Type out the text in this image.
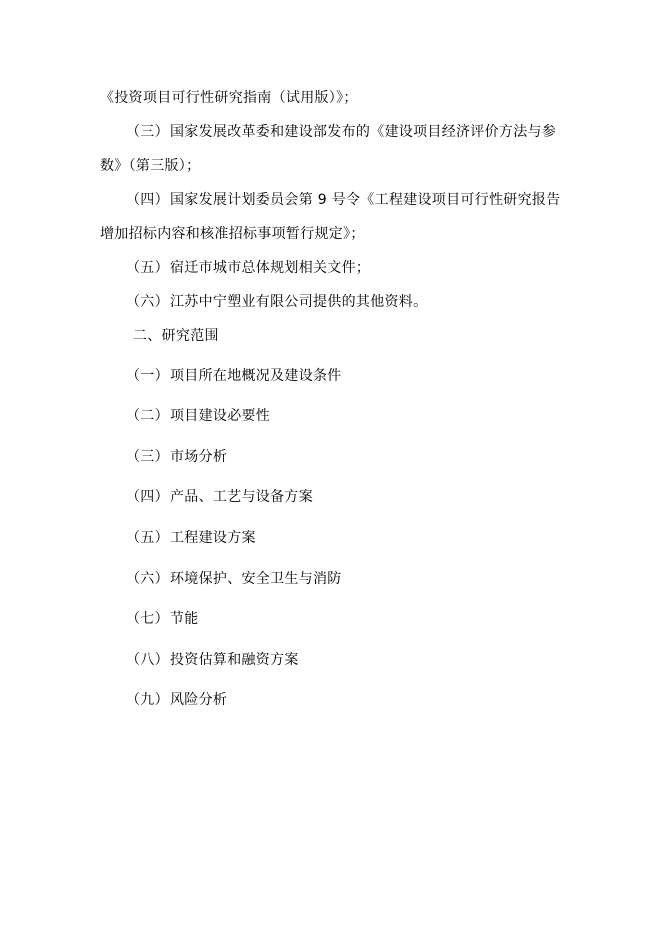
《投资项目可行性研究指南（试用版）》；
（三）国家发展改革委和建设部发布的《建设项目经济评价方法与参
数》（第三版）；
（四）国家发展计划委员会第 9 号令《工程建设项目可行性研究报告
增加招标内容和核准招标事项暂行规定》；
（五）宿迁市城市总体规划相关文件；
（六）江苏中宁塑业有限公司提供的其他资料。
二、研究范围
（一）项目所在地概况及建设条件
（二）项目建设必要性
（三）市场分析
（四）产品、工艺与设备方案
（五）工程建设方案
（六）环境保护、安全卫生与消防
（七）节能
（八）投资估算和融资方案
（九）风险分析
